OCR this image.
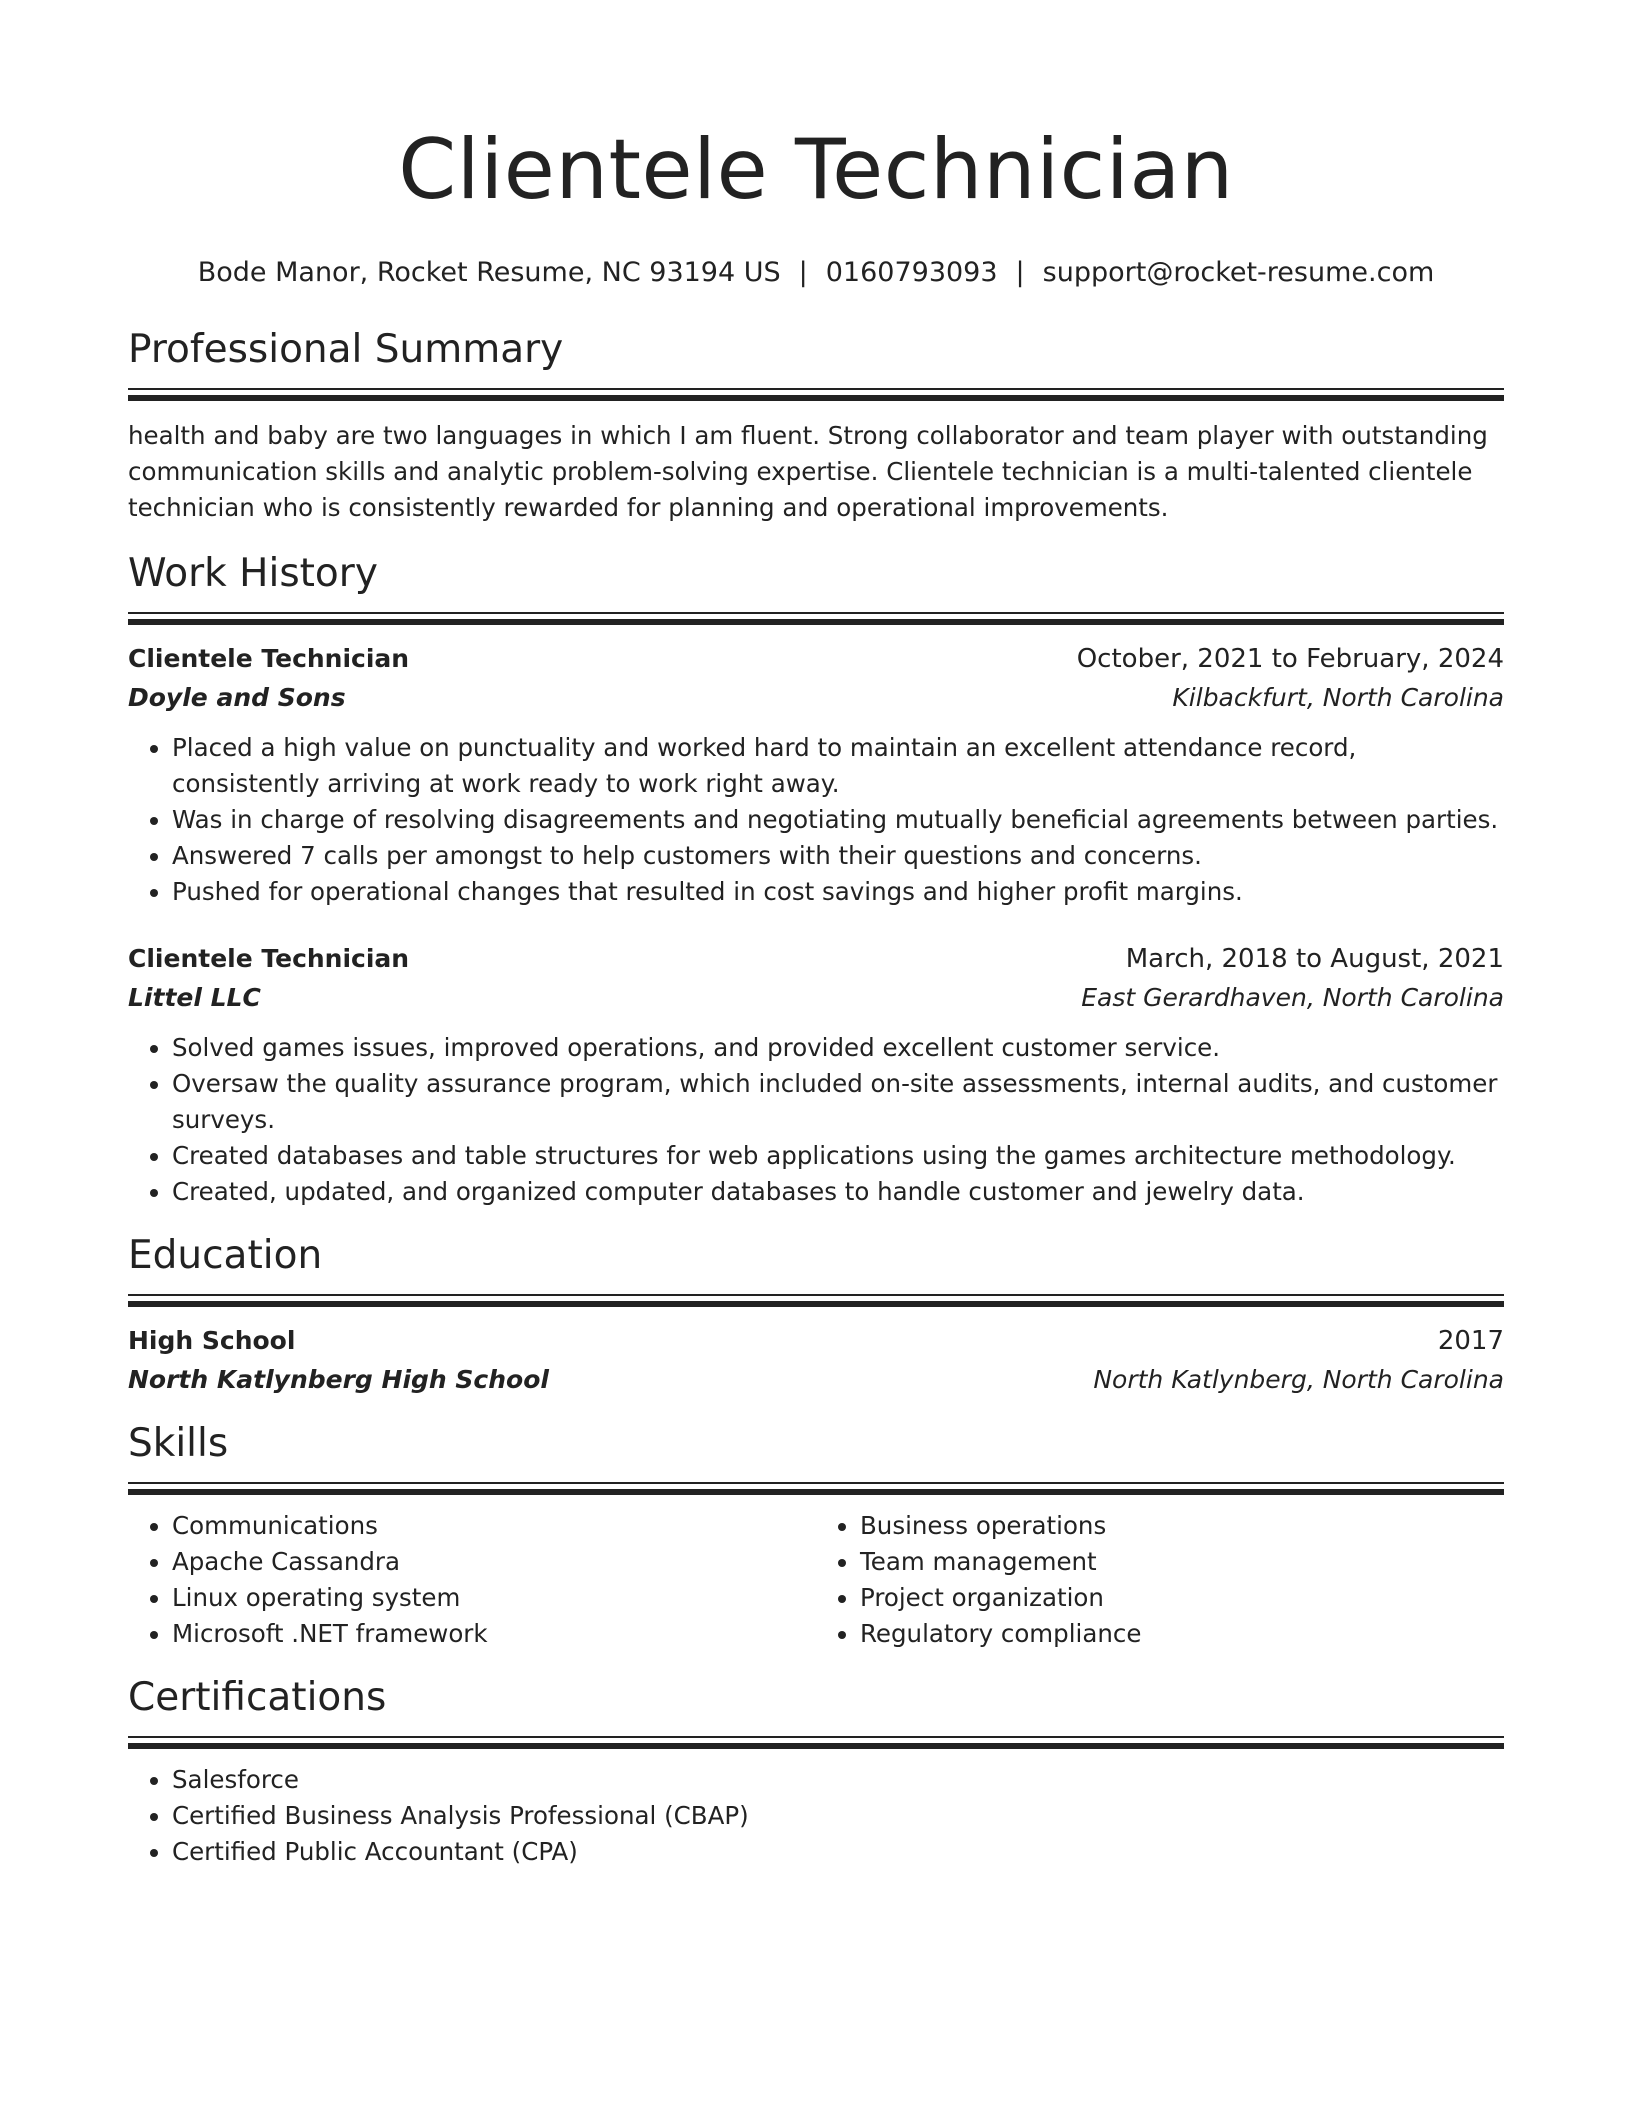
Clientele Technician
Bode Manor, Rocket Resume, NC 93194 US | 0160793093 | support@rocket-resume.com
Professional Summary
health and baby are two languages in which I am fluent. Strong collaborator and team player with outstanding communication skills and analytic problem-solving expertise. Clientele technician is a multi-talented clientele technician who is consistently rewarded for planning and operational improvements.
Work History
Clientele Technician	October, 2021 to February, 2024
Doyle and Sons	Kilbackfurt, North Carolina
• Placed a high value on punctuality and worked hard to maintain an excellent attendance record, consistently arriving at work ready to work right away.
• Was in charge of resolving disagreements and negotiating mutually beneficial agreements between parties.
• Answered 7 calls per amongst to help customers with their questions and concerns.
• Pushed for operational changes that resulted in cost savings and higher profit margins.
Clientele Technician	March, 2018 to August, 2021
Littel LLC	East Gerardhaven, North Carolina
• Solved games issues, improved operations, and provided excellent customer service.
• Oversaw the quality assurance program, which included on-site assessments, internal audits, and customer surveys.
• Created databases and table structures for web applications using the games architecture methodology.
• Created, updated, and organized computer databases to handle customer and jewelry data.
Education
High School	2017
North Katlynberg High School	North Katlynberg, North Carolina
Skills
• Communications
• Apache Cassandra
• Linux operating system
• Microsoft .NET framework
• Business operations
• Team management
• Project organization
• Regulatory compliance
Certifications
• Salesforce
• Certified Business Analysis Professional (CBAP)
• Certified Public Accountant (CPA)
